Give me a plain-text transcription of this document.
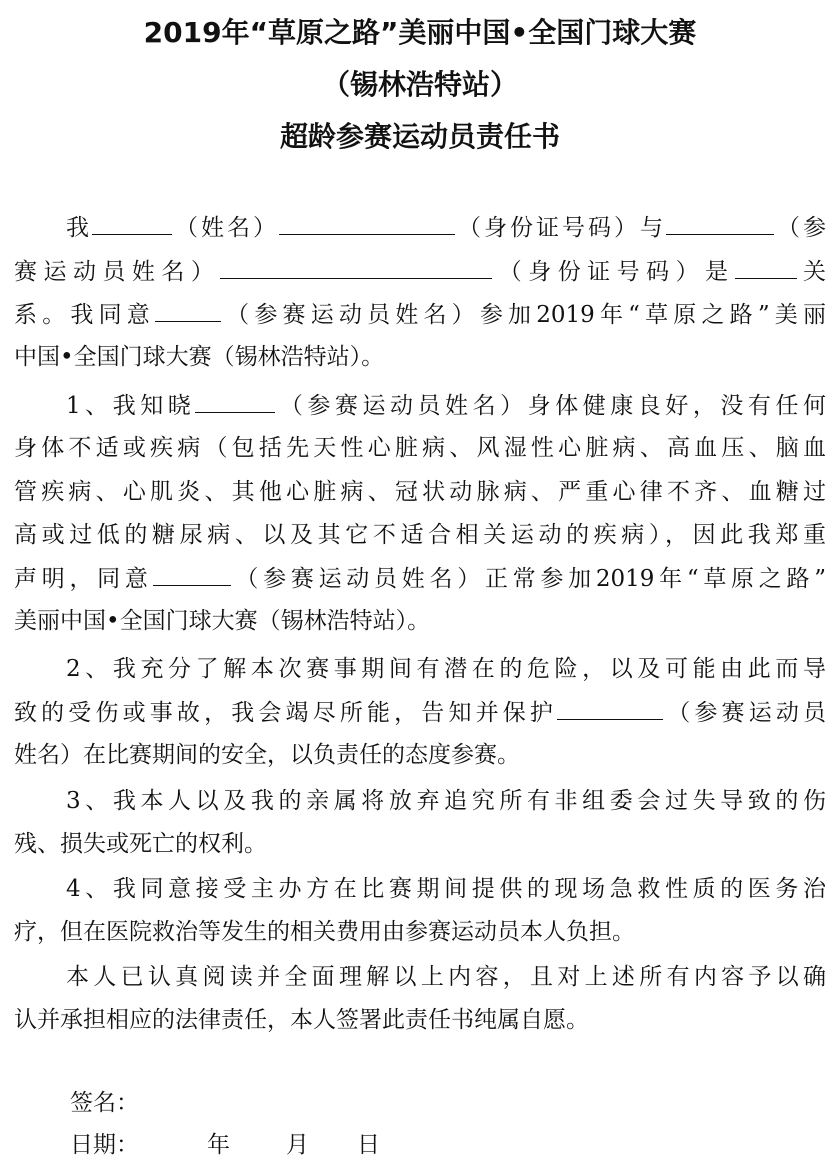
2019年“草原之路”美丽中国•全国门球大赛
（锡林浩特站）
超龄参赛运动员责任书
我	（姓名）	（身份证号码）与	（参
赛运动员姓名）	（身份证号码）是	关
系。我同意	（参赛运动员姓名）参加2019年“草原之路”美丽
中国•全国门球大赛（锡林浩特站）。
1、我知晓	（参赛运动员姓名）身体健康良好，没有任何
身体不适或疾病（包括先天性心脏病、风湿性心脏病、高血压、脑血
管疾病、心肌炎、其他心脏病、冠状动脉病、严重心律不齐、血糖过
高或过低的糖尿病、以及其它不适合相关运动的疾病），因此我郑重
声明，同意	（参赛运动员姓名）正常参加2019年“草原之路”
美丽中国•全国门球大赛（锡林浩特站）。
2、我充分了解本次赛事期间有潜在的危险，以及可能由此而导
致的受伤或事故，我会竭尽所能，告知并保护	（参赛运动员
姓名）在比赛期间的安全，以负责任的态度参赛。
3、我本人以及我的亲属将放弃追究所有非组委会过失导致的伤
残、损失或死亡的权利。
4、我同意接受主办方在比赛期间提供的现场急救性质的医务治
疗，但在医院救治等发生的相关费用由参赛运动员本人负担。
本人已认真阅读并全面理解以上内容，且对上述所有内容予以确
认并承担相应的法律责任，本人签署此责任书纯属自愿。
签名：
日期：	年 月 日
